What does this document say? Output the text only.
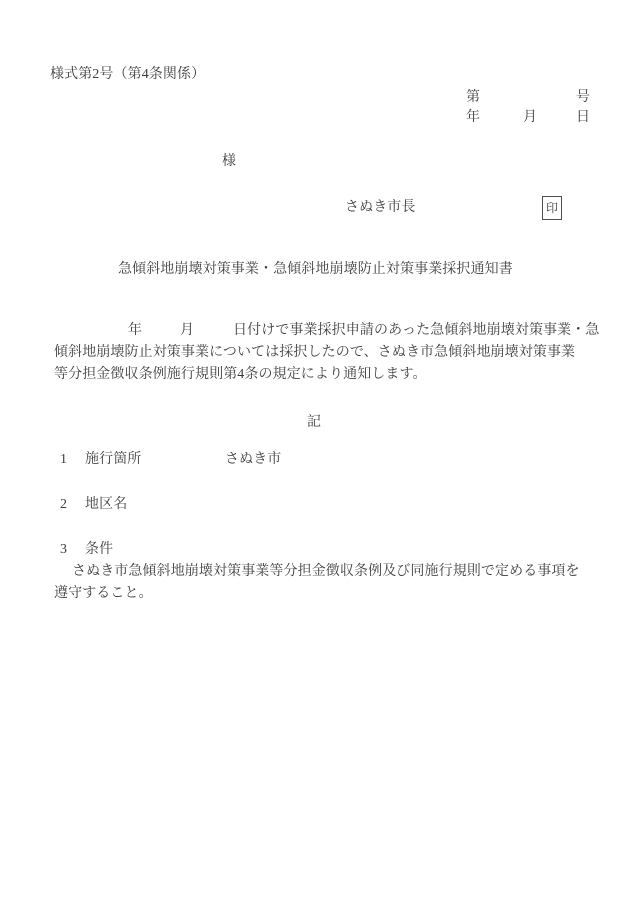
様式第2号（第4条関係）
第	号
年	月	日
様
さぬき市長	印
急傾斜地崩壊対策事業・急傾斜地崩壊防止対策事業採択通知書
年	月	日付けで事業採択申請のあった急傾斜地崩壊対策事業・急
傾斜地崩壊防止対策事業については採択したので、さぬき市急傾斜地崩壊対策事業
等分担金徴収条例施行規則第4条の規定により通知します。
記
1 施行箇所	さぬき市
2 地区名
3 条件
さぬき市急傾斜地崩壊対策事業等分担金徴収条例及び同施行規則で定める事項を
遵守すること。
